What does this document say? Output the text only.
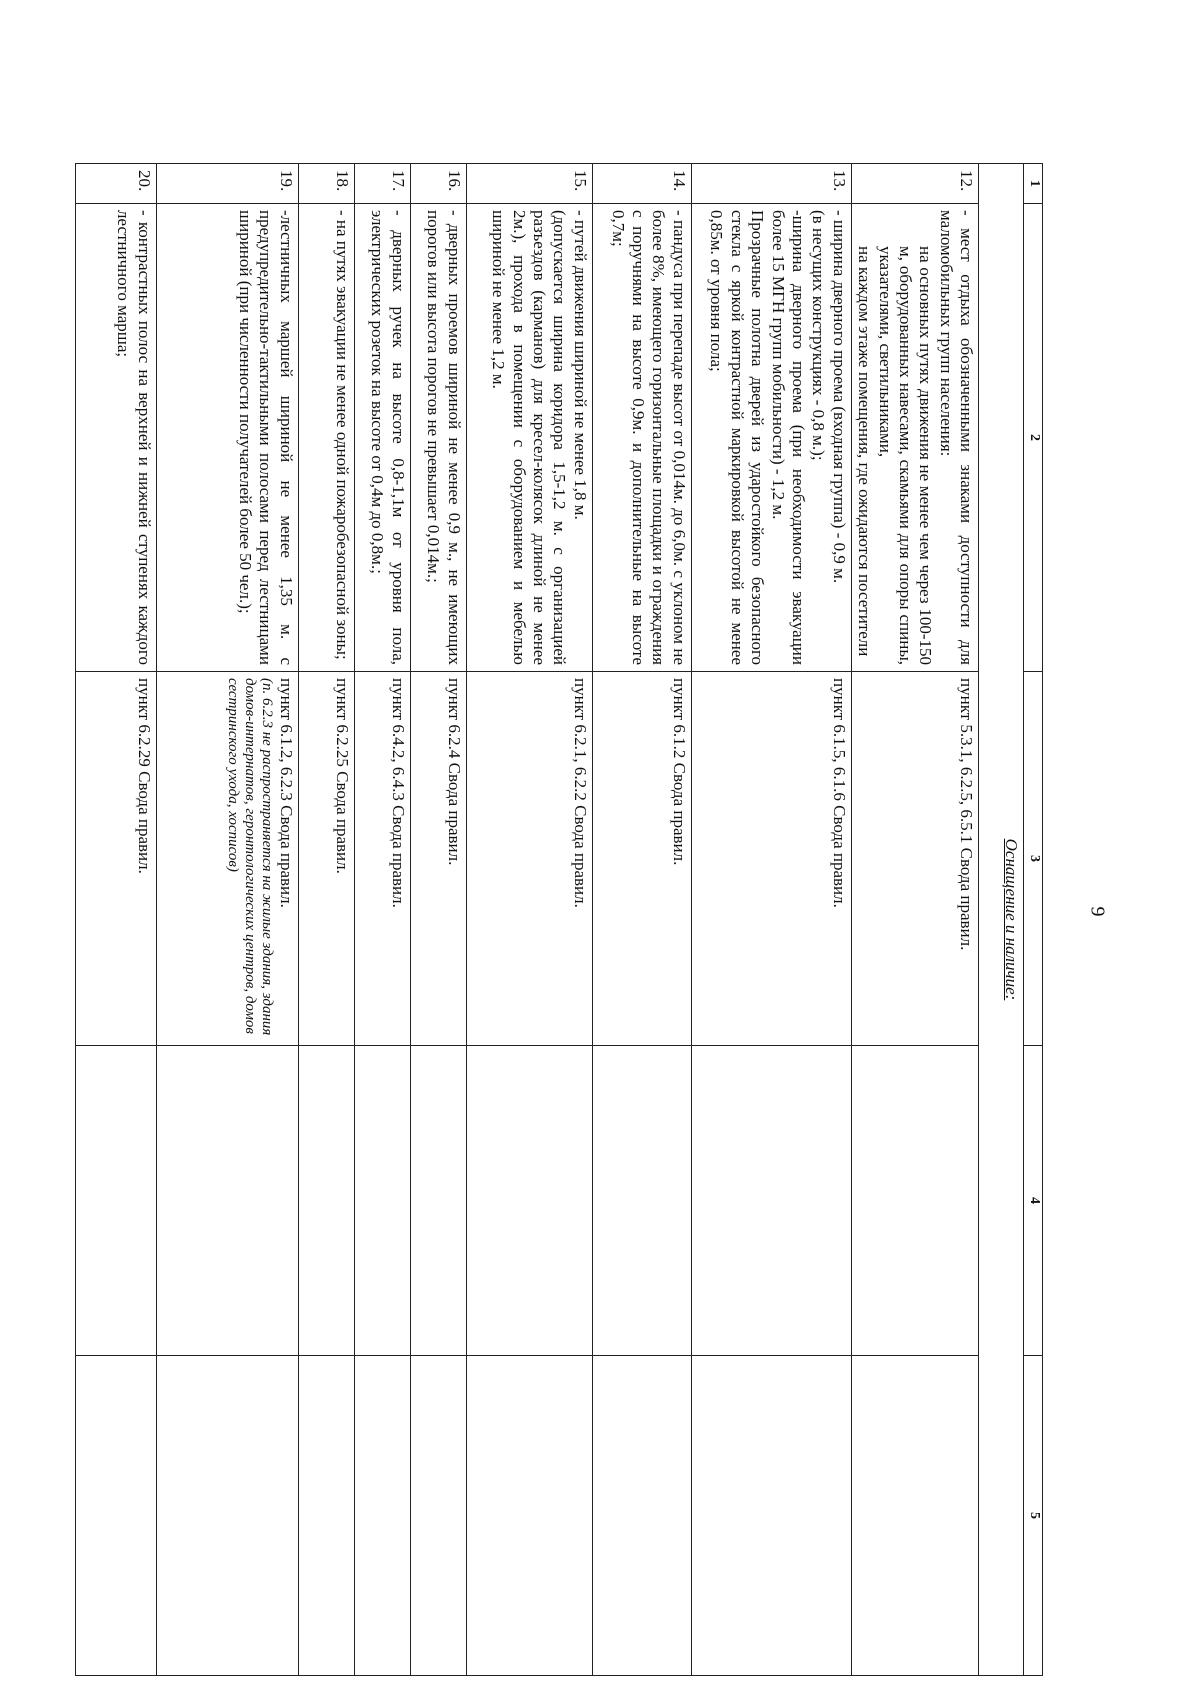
9
1	2	3	4	5
Оснащение и наличие:				
12.	- мест отдыха обозначенными знаками доступности для маломобильных групп населения:
на основных путях движения не менее чем через 100-150 м, оборудованных навесами, скамьями для опоры спины, указателями, светильниками,
на каждом этаже помещения, где ожидаются посетители	пункт 5.3.1, 6.2.5, 6.5.1 Свода правил.		
13.	- ширина дверного проема (входная группа) - 0,9 м.
(в несущих конструкциях - 0,8 м.);
-ширина дверного проема (при необходимости эвакуации более 15 МГН групп мобильности) - 1,2 м.
Прозрачные полотна дверей из ударостойкого безопасного стекла с яркой контрастной маркировкой высотой не менее 0,85м. от уровня пола;	пункт 6.1.5, 6.1.6 Свода правил.		
14.	- пандуса при перепаде высот от 0,014м. до 6,0м. с уклоном не более 8%, имеющего горизонтальные площадки и ограждения с поручнями на высоте 0,9м. и дополнительные на высоте 0,7м;	пункт 6.1.2 Свода правил.		
15.	- путей движения шириной не менее 1,8 м.
(допускается ширина коридора 1,5-1,2 м. с организацией разъездов (карманов) для кресел-колясок длиной не менее 2м.), прохода в помещении с оборудованием и мебелью шириной не менее 1,2 м.	пункт 6.2.1, 6.2.2 Свода правил.		
16.	- дверных проемов шириной не менее 0,9 м., не имеющих порогов или высота порогов не превышает 0,014м.;	пункт 6.2.4 Свода правил.		
17.	- дверных ручек на высоте 0,8-1,1м от уровня пола, электрических розеток на высоте от 0,4м до 0,8м.;	пункт 6.4.2, 6.4.3 Свода правил.		
18.	- на путях эвакуации не менее одной пожаробезопасной зоны;	пункт 6.2.25 Свода правил.		
19.	-лестничных маршей шириной не менее 1,35 м. с предупредительно-тактильными полосами перед лестницами шириной (при численности получателей более 50 чел.);	пункт 6.1.2, 6.2.3 Свода правил.
(п. 6.2.3 не распространяется на жилые здания, здания домов-интернатов, геронтологических центров, домов сестринского ухода, хосписов)		

20.	- контрастных полос на верхней и нижней ступенях каждого лестничного марша;	пункт 6.2.29 Свода правил.		
